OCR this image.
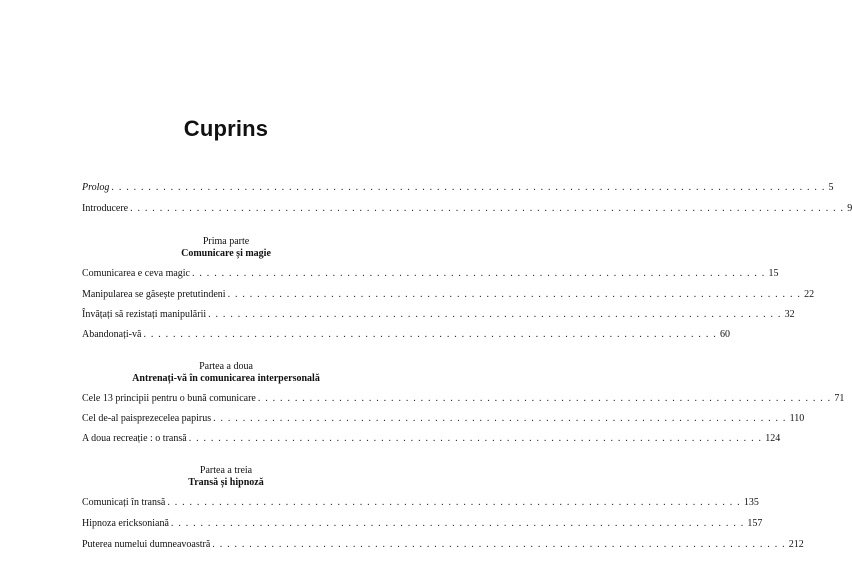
Cuprins
Prolog . . . . . . . . . . . . . . . . . . . . . . . . . . . . . . . . . . . . . . . . . . . . . . . . . . . . . . . . . . . . . . . . . . . . . . . . . . . . . . . . . . . . . . . . . . . . . . . . . 5
Introducere . . . . . . . . . . . . . . . . . . . . . . . . . . . . . . . . . . . . . . . . . . . . . . . . . . . . . . . . . . . . . . . . . . . . . . . . . . . . . . . . . . . . . . . . . . . . . . . . . 9
Prima parte
Comunicare și magie
Comunicarea e ceva magic . . . . . . . . . . . . . . . . . . . . . . . . . . . . . . . . . . . . . . . . . . . . . . . . . . . . . . . . . . . . . . . . . . . . . . . . . . . . . . 15
Manipularea se găsește pretutindeni . . . . . . . . . . . . . . . . . . . . . . . . . . . . . . . . . . . . . . . . . . . . . . . . . . . . . . . . . . . . . . . . . . . . . . . . . . . . . . 22
Învățați să rezistați manipulării . . . . . . . . . . . . . . . . . . . . . . . . . . . . . . . . . . . . . . . . . . . . . . . . . . . . . . . . . . . . . . . . . . . . . . . . . . . . . . 32
Abandonați-vă . . . . . . . . . . . . . . . . . . . . . . . . . . . . . . . . . . . . . . . . . . . . . . . . . . . . . . . . . . . . . . . . . . . . . . . . . . . . . . 60
Partea a doua
Antrenați-vă în comunicarea interpersonală
Cele 13 principii pentru o bună comunicare . . . . . . . . . . . . . . . . . . . . . . . . . . . . . . . . . . . . . . . . . . . . . . . . . . . . . . . . . . . . . . . . . . . . . . . . . . . . . . 71
Cel de-al paisprezecelea papirus . . . . . . . . . . . . . . . . . . . . . . . . . . . . . . . . . . . . . . . . . . . . . . . . . . . . . . . . . . . . . . . . . . . . . . . . . . . . . . 110
A doua recreație : o transă . . . . . . . . . . . . . . . . . . . . . . . . . . . . . . . . . . . . . . . . . . . . . . . . . . . . . . . . . . . . . . . . . . . . . . . . . . . . . . 124
Partea a treia
Transă și hipnoză
Comunicați în transă . . . . . . . . . . . . . . . . . . . . . . . . . . . . . . . . . . . . . . . . . . . . . . . . . . . . . . . . . . . . . . . . . . . . . . . . . . . . . . 135
Hipnoza ericksoniană . . . . . . . . . . . . . . . . . . . . . . . . . . . . . . . . . . . . . . . . . . . . . . . . . . . . . . . . . . . . . . . . . . . . . . . . . . . . . . 157
Puterea numelui dumneavoastră . . . . . . . . . . . . . . . . . . . . . . . . . . . . . . . . . . . . . . . . . . . . . . . . . . . . . . . . . . . . . . . . . . . . . . . . . . . . . . 212
